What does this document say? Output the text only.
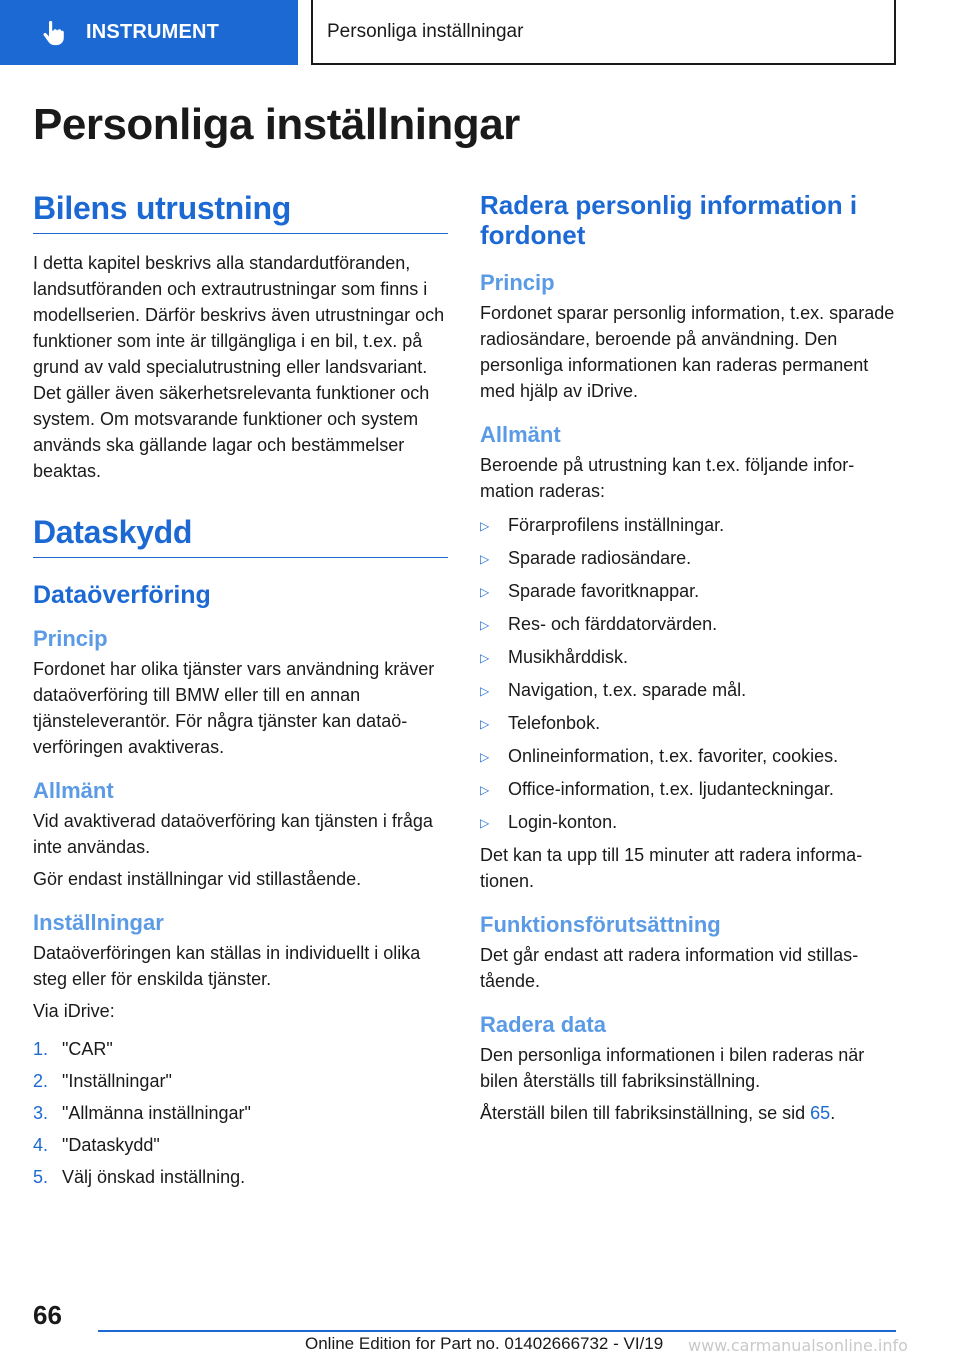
INSTRUMENT	Personliga inställningar
Personliga inställningar
Bilens utrustning

I detta kapitel beskrivs alla standardutföranden, landsutföranden och extrautrustningar som finns i modellserien. Därför beskrivs även utrustningar och funktioner som inte är tillgängliga i en bil, t.ex. på grund av vald specialutrustning eller landsvariant. Det gäller även säkerhetsrelevanta funktioner och system. Om motsvarande funktioner och system används ska gällande lagar och bestämmelser beaktas.

Dataskydd
Dataöverföring
Princip

Fordonet har olika tjänster vars användning kräver dataöverföring till BMW eller till en annan tjänsteleverantör. För några tjänster kan dataöverföringen avaktiveras.

Allmänt

Vid avaktiverad dataöverföring kan tjänsten i fråga inte användas.

Gör endast inställningar vid stillastående.

Inställningar

Dataöverföringen kan ställas in individuellt i olika steg eller för enskilda tjänster.

Via iDrive:

1. "CAR"
2. "Inställningar"
3. "Allmänna inställningar"
4. "Dataskydd"
5. Välj önskad inställning.
Radera personlig information i fordonet
Princip

Fordonet sparar personlig information, t.ex. sparade radiosändare, beroende på användning. Den personliga informationen kan raderas permanent med hjälp av iDrive.

Allmänt

Beroende på utrustning kan t.ex. följande information raderas:

▷	Förarprofilens inställningar.
▷	Sparade radiosändare.
▷	Sparade favoritknappar.
▷	Res- och färddatorvärden.
▷	Musikhårddisk.
▷	Navigation, t.ex. sparade mål.
▷	Telefonbok.
▷	Onlineinformation, t.ex. favoriter, cookies.
▷	Office-information, t.ex. ljudanteckningar.
▷	Login-konton.

Det kan ta upp till 15 minuter att radera informationen.

Funktionsförutsättning

Det går endast att radera information vid stillastående.

Radera data

Den personliga informationen i bilen raderas när bilen återställs till fabriksinställning.

Återställ bilen till fabriksinställning, se sid 65.

66
Online Edition for Part no. 01402666732 - VI/19 www.carmanualsonline.info
